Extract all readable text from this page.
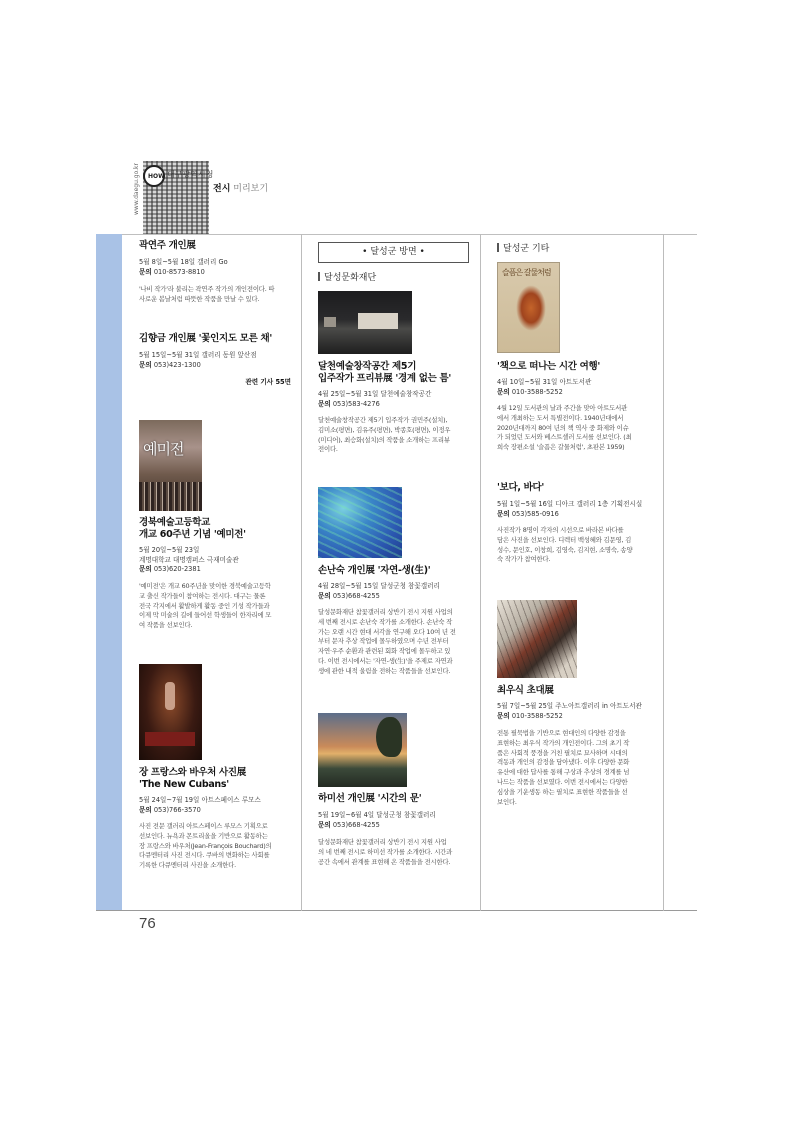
www.daegu.go.kr HOW 대구광역시청
전시 미리보기
76
곽연주 개인展
5월 8일~5월 18일 갤러리 Go
문의 010-8573-8810
'나비 작가'라 불리는 곽연주 작가의 개인전이다. 따
사로운 봄날처럼 따뜻한 작품을 만날 수 있다.
김향금 개인展 '꽃인지도 모른 채'
5월 15일~5월 31일 갤러리 동원 앞산점
문의 053)423-1300
관련 기사 55면
예미전
경북예술고등학교
개교 60주년 기념 '예미전'
5월 20일~5월 23일
계명대학교 대명캠퍼스 극재미술관
문의 053)620-2381
'예미전'은 개교 60주년을 맞이한 경북예술고등학
교 출신 작가들이 참여하는 전시다. 대구는 물론
전국 각지에서 활발하게 활동 중인 기성 작가들과
이제 막 미술의 길에 들어선 학생들이 한자리에 모
여 작품을 선보인다.
장 프랑스와 바우처 사진展
'The New Cubans'
5월 24일~7월 19일 아트스페이스 루모스
문의 053)766-3570
사진 전문 갤러리 아트스페이스 루모스 기획으로
선보인다. 뉴욕과 몬트리올을 기반으로 활동하는
장 프랑스와 바우처(Jean-François Bouchard)의
다큐멘터리 사진 전시다. 쿠바의 변화하는 사회를
기록한 다큐멘터리 사진을 소개한다.
• 달성군 방면 •
달성문화재단
달천예술창작공간 제5기
입주작가 프리뷰展 '경계 없는 틈'
4월 25일~5월 31일 달천예술창작공간
문의 053)583-4276
달천예술창작공간 제5기 입주작가 권민주(설치),
김미소(평면), 김유주(평면), 박종호(평면), 이정우
(미디어), 최승화(설치)의 작품을 소개하는 프리뷰
전이다.
손난숙 개인展 '자연-생(生)'
4월 28일~5월 15일 달성군청 참꽃갤러리
문의 053)668-4255
달성문화재단 참꽃갤러리 상반기 전시 지원 사업의
세 번째 전시로 손난숙 작가를 소개한다. 손난숙 작
가는 오랜 시간 현대 서각을 연구해 오다 10여 년 전
부터 문자 추상 작업에 몰두하였으며 수년 전부터
자연·우주 순환과 관련된 회화 작업에 몰두하고 있
다. 이번 전시에서는 '자연-생(生)'을 주제로 자연과
생에 관한 내적 울림을 전하는 작품들을 선보인다.
하미선 개인展 '시간의 문'
5월 19일~6월 4일 달성군청 참꽃갤러리
문의 053)668-4255
달성문화재단 참꽃갤러리 상반기 전시 지원 사업
의 네 번째 전시로 하미선 작가를 소개한다. 시간과
공간 속에서 관계를 표현해 온 작품들을 전시한다.
달성군 기타
슬픔은 갈물처럼
'책으로 떠나는 시간 여행'
4월 10일~5월 31일 아트도서관
문의 010-3588-5252
4월 12일 도서관의 날과 주간을 맞아 아트도서관
에서 개최하는 도서 특별전이다. 1940년대에서
2020년대까지 80여 년의 책 역사 중 화제와 이슈
가 되었던 도서와 베스트셀러 도서를 선보인다. (최
희숙 장편소설 '슬픔은 갈물처럼', 초판본 1959)
'보다, 바다'
5월 1일~5월 16일 디아크 갤러리 1층 기획전시실
문의 053)585-0916
사진작가 8명이 각자의 시선으로 바라본 바다를
담은 사진을 선보인다. 디렉터 백성혜와 김문영, 김
성수, 문인호, 이창희, 김영숙, 김지현, 소명숙, 송양
숙 작가가 참여한다.
최우식 초대展
5월 7일~5월 25일 주노아트갤러리 in 아트도서관
문의 010-3588-5252
전통 필묵법을 기반으로 현대인의 다양한 감정을
표현하는 최우식 작가의 개인전이다. 그의 초기 작
품은 사회적 풍경을 거친 필치로 묘사하며 시대의
격동과 개인의 감정을 담아냈다. 이후 다양한 문화
유산에 대한 답사를 통해 구상과 추상의 경계를 넘
나드는 작품을 선보였다. 이번 전시에서는 다양한
심상을 기운생동 하는 필치로 표현한 작품들을 선
보인다.
